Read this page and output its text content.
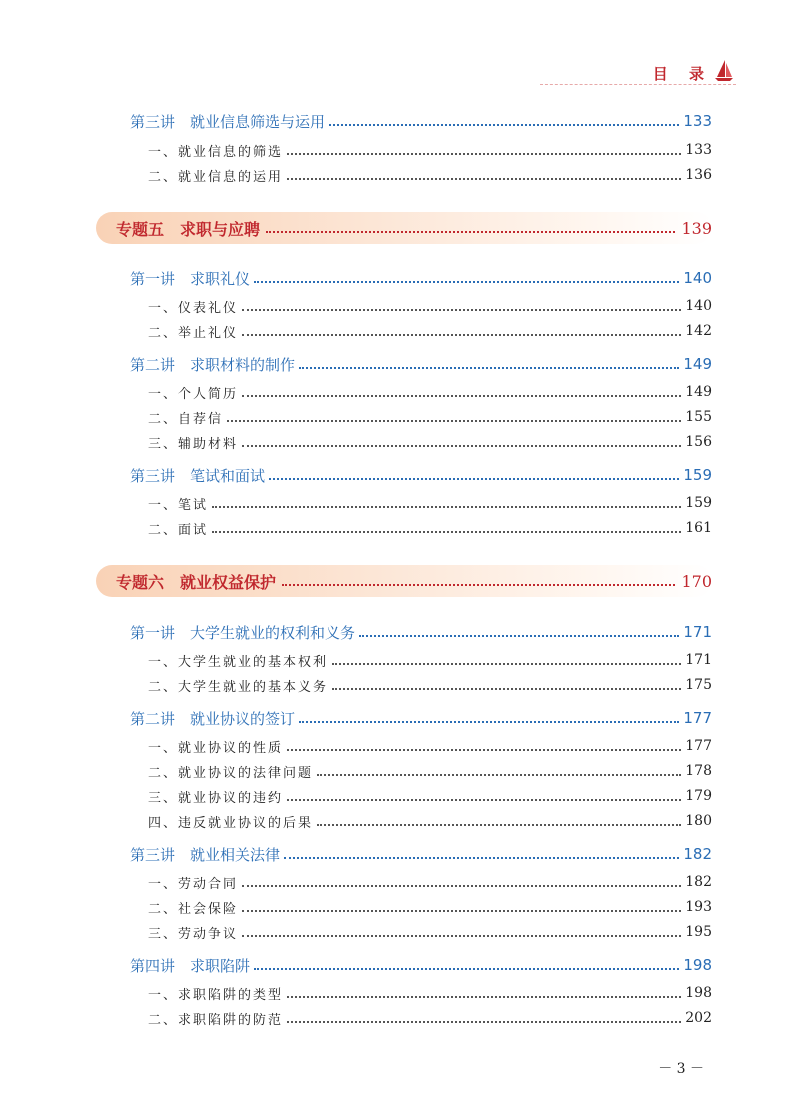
目 录
第三讲　就业信息筛选与运用	133
一、就业信息的筛选	133
二、就业信息的运用	136
专题五　求职与应聘	139
第一讲　求职礼仪	140
一、仪表礼仪	140
二、举止礼仪	142
第二讲　求职材料的制作	149
一、个人简历	149
二、自荐信	155
三、辅助材料	156
第三讲　笔试和面试	159
一、笔试	159
二、面试	161
专题六　就业权益保护	170
第一讲　大学生就业的权利和义务	171
一、大学生就业的基本权利	171
二、大学生就业的基本义务	175
第二讲　就业协议的签订	177
一、就业协议的性质	177
二、就业协议的法律问题	178
三、就业协议的违约	179
四、违反就业协议的后果	180
第三讲　就业相关法律	182
一、劳动合同	182
二、社会保险	193
三、劳动争议	195
第四讲　求职陷阱	198
一、求职陷阱的类型	198
二、求职陷阱的防范	202
－ 3 －
